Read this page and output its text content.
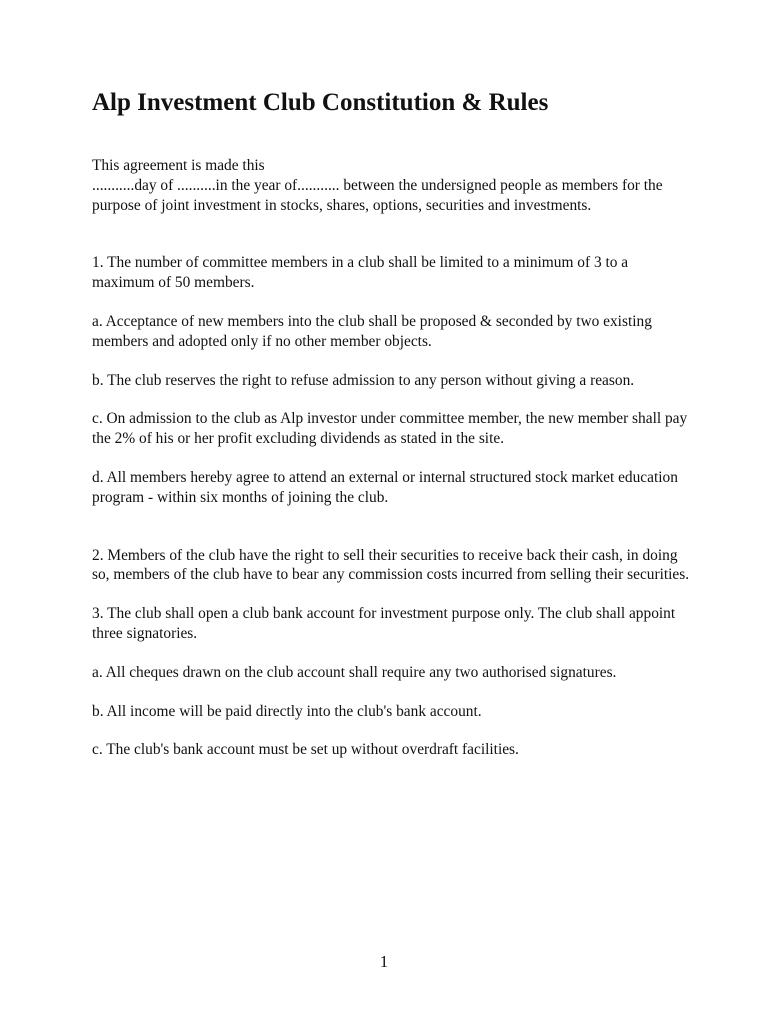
Alp Investment Club Constitution & Rules

This agreement is made this

...........day of ..........in the year of........... between the undersigned people as members for the purpose of joint investment in stocks, shares, options, securities and investments.

1. The number of committee members in a club shall be limited to a minimum of 3 to a maximum of 50 members.

a. Acceptance of new members into the club shall be proposed & seconded by two existing members and adopted only if no other member objects.

b. The club reserves the right to refuse admission to any person without giving a reason.

c. On admission to the club as Alp investor under committee member, the new member shall pay the 2% of his or her profit excluding dividends as stated in the site.

d. All members hereby agree to attend an external or internal structured stock market education program - within six months of joining the club.

2. Members of the club have the right to sell their securities to receive back their cash, in doing so, members of the club have to bear any commission costs incurred from selling their securities.

3. The club shall open a club bank account for investment purpose only. The club shall appoint three signatories.

a. All cheques drawn on the club account shall require any two authorised signatures.

b. All income will be paid directly into the club's bank account.

c. The club's bank account must be set up without overdraft facilities.

1
